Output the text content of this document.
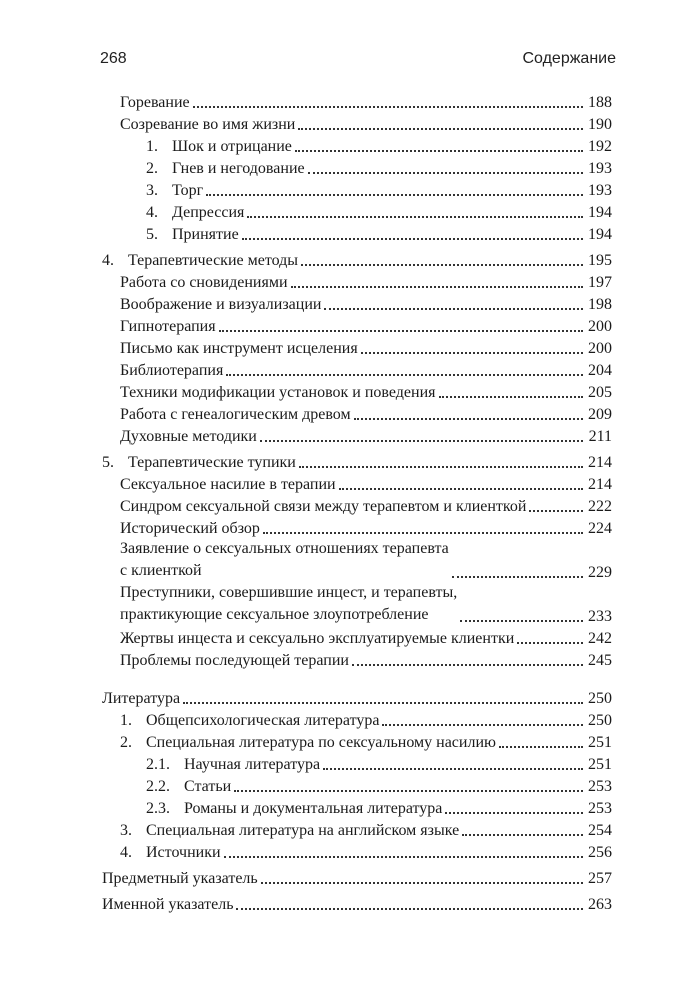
268	Содержание
Горевание	188
Созревание во имя жизни	190
1. Шок и отрицание	192
2. Гнев и негодование	193
3. Торг	193
4. Депрессия	194
5. Принятие	194
4. Терапевтические методы	195
Работа со сновидениями	197
Воображение и визуализации	198
Гипнотерапия	200
Письмо как инструмент исцеления	200
Библиотерапия	204
Техники модификации установок и поведения	205
Работа с генеалогическим древом	209
Духовные методики	211
5. Терапевтические тупики	214
Сексуальное насилие в терапии	214
Синдром сексуальной связи между терапевтом и клиенткой	222
Исторический обзор	224
Заявление о сексуальных отношениях терапевта
с клиенткой	229
Преступники, совершившие инцест, и терапевты,
практикующие сексуальное злоупотребление	233
Жертвы инцеста и сексуально эксплуатируемые клиентки	242
Проблемы последующей терапии	245
Литература	250
1. Общепсихологическая литература	250
2. Специальная литература по сексуальному насилию	251
2.1. Научная литература	251
2.2. Статьи	253
2.3. Романы и документальная литература	253
3. Специальная литература на английском языке	254
4. Источники	256
Предметный указатель	257
Именной указатель	263
